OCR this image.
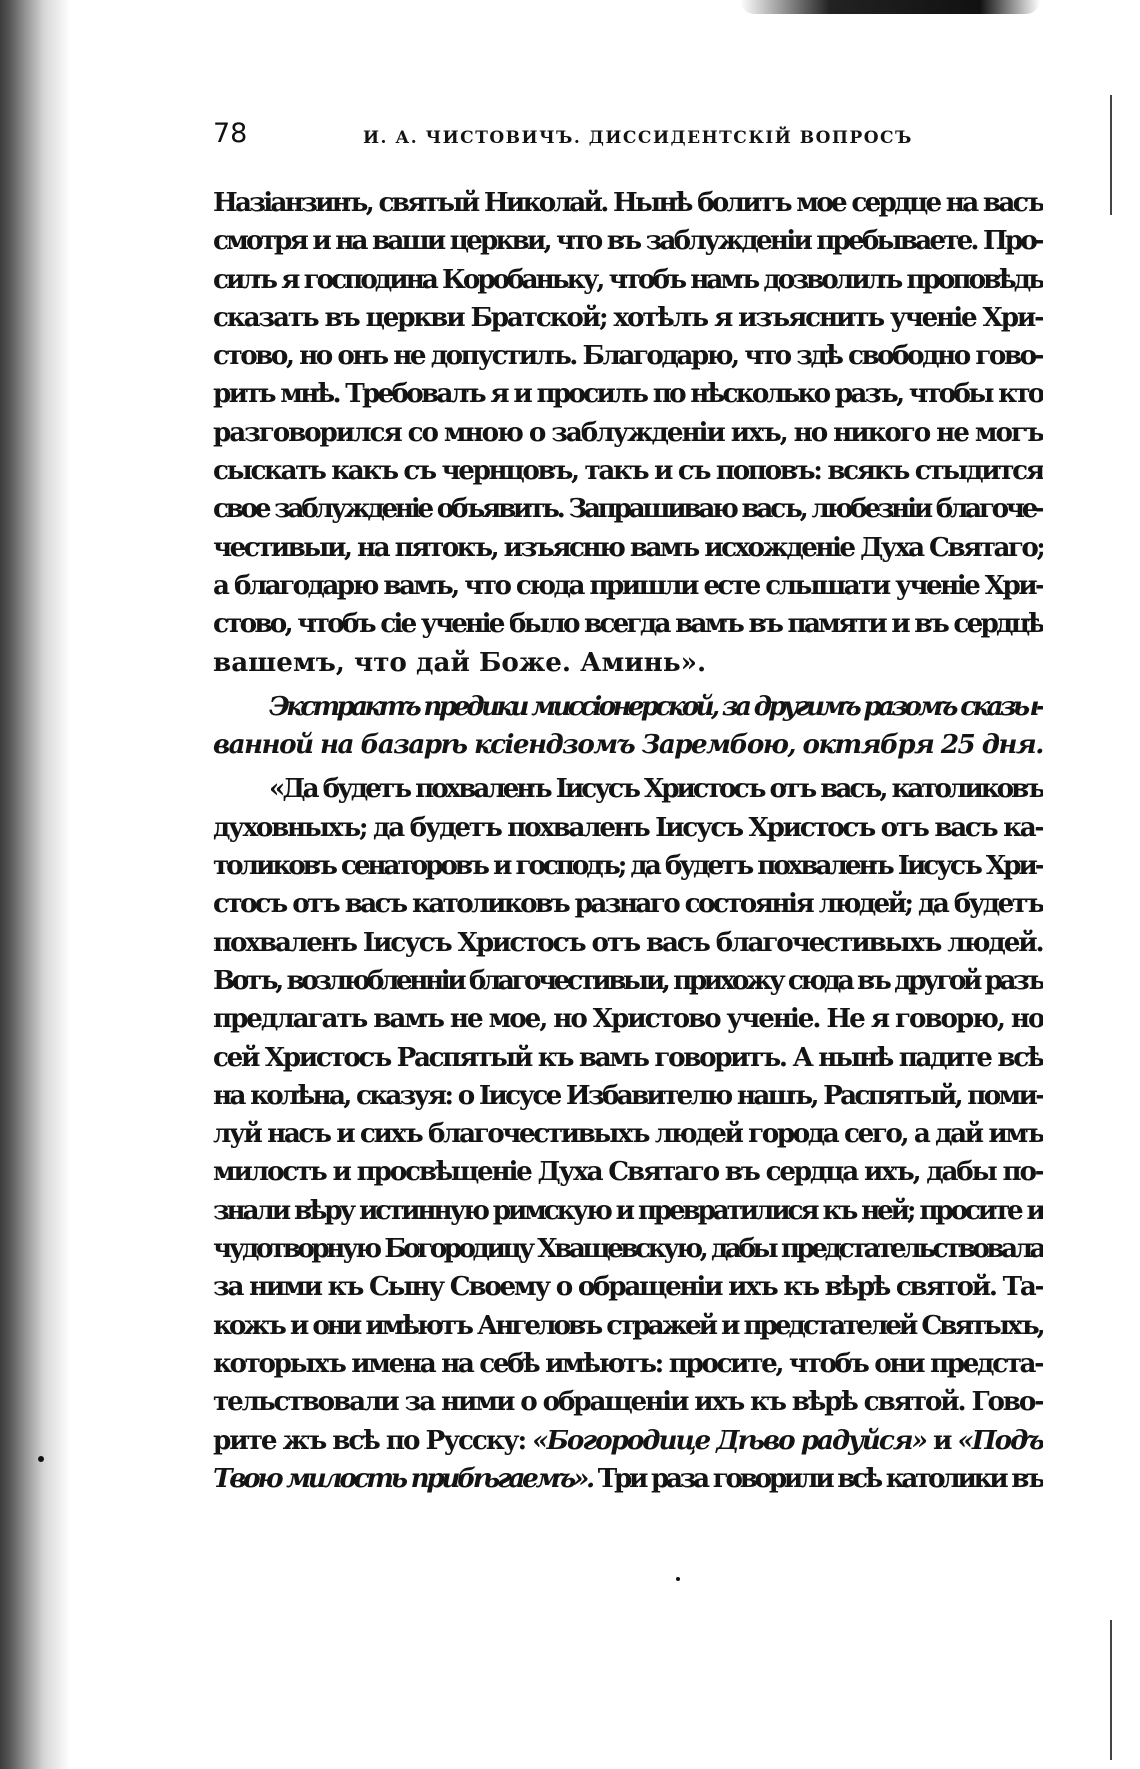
78	И. А. ЧИСТОВИЧЪ. ДИССИДЕНТСКІЙ ВОПРОСЪ
Назіанзинъ, святый Николай. Нынѣ болитъ мое сердце на васъ
смотря и на ваши церкви, что въ заблужденіи пребываете. Про-
силъ я господина Коробаньку, чтобъ намъ дозволилъ проповѣдь
сказать въ церкви Братской; хотѣлъ я изъяснить ученіе Хри-
стово, но онъ не допустилъ. Благодарю, что здѣ свободно гово-
рить мнѣ. Требовалъ я и просилъ по нѣсколько разъ, чтобы кто
разговорился со мною о заблужденіи ихъ, но никого не могъ
сыскать какъ съ чернцовъ, такъ и съ поповъ: всякъ стыдится
свое заблужденіе объявить. Запрашиваю васъ, любезніи благоче-
честивыи, на пятокъ, изъясню вамъ исхожденіе Духа Святаго;
а благодарю вамъ, что сюда пришли есте слышати ученіе Хри-
стово, чтобъ сіе ученіе было всегда вамъ въ памяти и въ сердцѣ
вашемъ, что дай Боже. Аминь».
Экстрактъ предики миссіонерской, за другимъ разомъ сказы-
ванной на базарѣ ксіендзомъ Зарембою, октября 25 дня.
«Да будетъ похваленъ Іисусъ Христосъ отъ васъ, католиковъ
духовныхъ; да будетъ похваленъ Іисусъ Христосъ отъ васъ ка-
толиковъ сенаторовъ и господъ; да будетъ похваленъ Іисусъ Хри-
стосъ отъ васъ католиковъ разнаго состоянія людей; да будетъ
похваленъ Іисусъ Христосъ отъ васъ благочестивыхъ людей.
Вотъ, возлюбленніи благочестивыи, прихожу сюда въ другой разъ
предлагать вамъ не мое, но Христово ученіе. Не я говорю, но
сей Христосъ Распятый къ вамъ говоритъ. А нынѣ падите всѣ
на колѣна, сказуя: о Іисусе Избавителю нашъ, Распятый, поми-
луй насъ и сихъ благочестивыхъ людей города сего, а дай имъ
милость и просвѣщеніе Духа Святаго въ сердца ихъ, дабы по-
знали вѣру истинную римскую и превратилися къ ней; просите и
чудотворную Богородицу Хващевскую, дабы предстательствовала
за ними къ Сыну Своему о обращеніи ихъ къ вѣрѣ святой. Та-
кожъ и они имѣютъ Ангеловъ стражей и предстателей Святыхъ,
которыхъ имена на себѣ имѣютъ: просите, чтобъ они предста-
тельствовали за ними о обращеніи ихъ къ вѣрѣ святой. Гово-
рите жъ всѣ по Русску: «Богородице Дѣво радуйся» и «Подъ
Твою милость прибѣгаемъ». Три раза говорили всѣ католики въ
